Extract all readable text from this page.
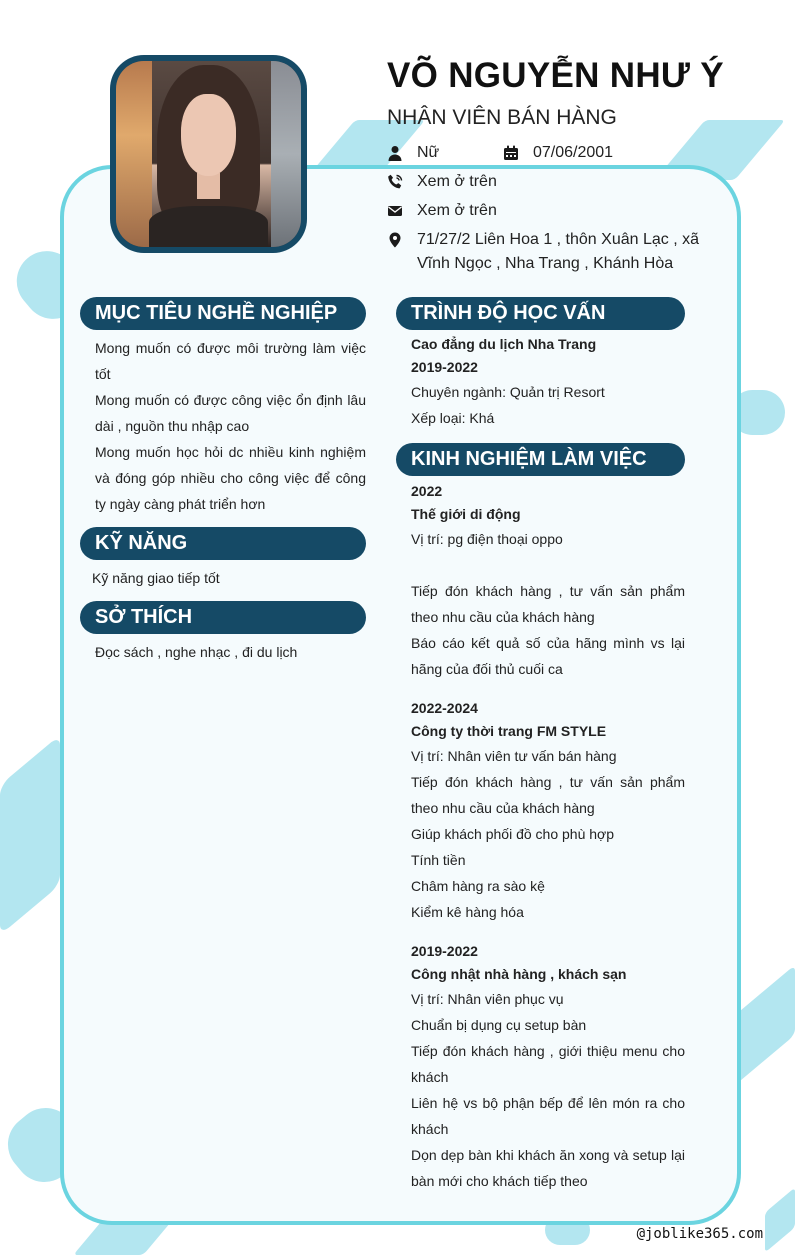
VÕ NGUYỄN NHƯ Ý
NHÂN VIÊN BÁN HÀNG
Nữ	07/06/2001
Xem ở trên
Xem ở trên
71/27/2 Liên Hoa 1 , thôn Xuân Lạc , xã
Vĩnh Ngọc , Nha Trang , Khánh Hòa
MỤC TIÊU NGHỀ NGHIỆP
Mong muốn có được môi trường làm việc tốt
Mong muốn có được công việc ổn định lâu dài , nguồn thu nhập cao
Mong muốn học hỏi dc nhiều kinh nghiệm và đóng góp nhiều cho công việc để công ty ngày càng phát triển hơn
KỸ NĂNG
Kỹ năng giao tiếp tốt
SỞ THÍCH
Đọc sách , nghe nhạc , đi du lịch
TRÌNH ĐỘ HỌC VẤN
Cao đẳng du lịch Nha Trang
2019-2022
Chuyên ngành: Quản trị Resort
Xếp loại: Khá
KINH NGHIỆM LÀM VIỆC
2022
Thế giới di động
Vị trí: pg điện thoại oppo
Tiếp đón khách hàng , tư vấn sản phẩm theo nhu cầu của khách hàng
Báo cáo kết quả số của hãng mình vs lại hãng của đối thủ cuối ca
2022-2024
Công ty thời trang FM STYLE
Vị trí: Nhân viên tư vấn bán hàng
Tiếp đón khách hàng , tư vấn sản phẩm theo nhu cầu của khách hàng
Giúp khách phối đồ cho phù hợp
Tính tiền
Châm hàng ra sào kệ
Kiểm kê hàng hóa
2019-2022
Công nhật nhà hàng , khách sạn
Vị trí: Nhân viên phục vụ
Chuẩn bị dụng cụ setup bàn
Tiếp đón khách hàng , giới thiệu menu cho khách
Liên hệ vs bộ phận bếp để lên món ra cho khách
Dọn dẹp bàn khi khách ăn xong và setup lại bàn mới cho khách tiếp theo
@joblike365.com
